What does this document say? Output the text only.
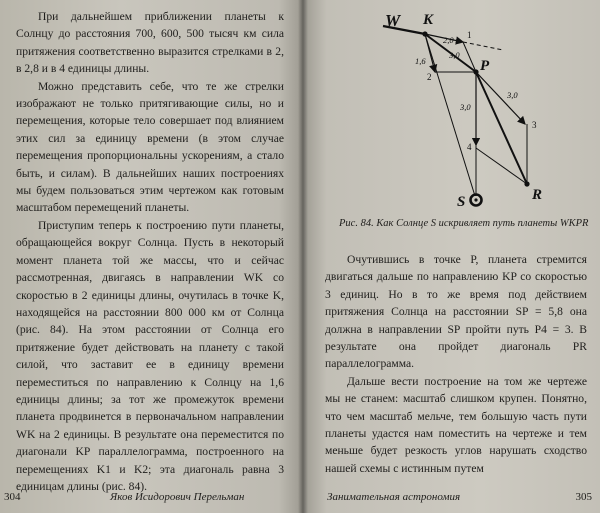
При дальнейшем приближении планеты к Солнцу до расстояния 700, 600, 500 тысяч км сила притяжения соответственно выразится стрелками в 2, в 2,8 и в 4 единицы длины.

Можно представить себе, что те же стрелки изображают не только притягивающие силы, но и перемещения, которые тело совершает под влиянием этих сил за единицу времени (в этом случае перемещения пропорциональны ускорениям, а стало быть, и силам). В дальнейших наших построениях мы будем пользоваться этим чертежом как готовым масштабом перемещений планеты.

Приступим теперь к построению пути планеты, обращающейся вокруг Солнца. Пусть в некоторый момент планета той же массы, что и сейчас рассмотренная, двигаясь в направлении WK со скоростью в 2 единицы длины, очутилась в точке K, находящейся на расстоянии 800 000 км от Солнца (рис. 84). На этом расстоянии от Солнца его притяжение будет действовать на планету с такой силой, что заставит ее в единицу времени переместиться по направлению к Солнцу на 1,6 единицы длины; за тот же промежуток времени планета продвинется в первоначальном направлении WK на 2 единицы. В результате она переместится по диагонали KP параллелограмма, построенного на перемещениях K1 и K2; эта диагональ равна 3 единицам длины (рис. 84).

304	Яков Исидорович Перельман
W K
P
R
S
1
2
3
4
2,0
1,6
3,0
3,0
3,0
Рис. 84. Как Солнце S искривляет путь планеты WKPR

Очутившись в точке P, планета стремится двигаться дальше по направлению KP со скоростью 3 единиц. Но в то же время под действием притяжения Солнца на расстоянии SP = 5,8 она должна в направлении SP пройти путь P4 = 3. В результате она пройдет диагональ PR параллелограмма.

Дальше вести построение на том же чертеже мы не станем: масштаб слишком крупен. Понятно, что чем масштаб мельче, тем большую часть пути планеты удастся нам поместить на чертеже и тем меньше будет резкость углов нарушать сходство нашей схемы с истинным путем

Занимательная астрономия	305
